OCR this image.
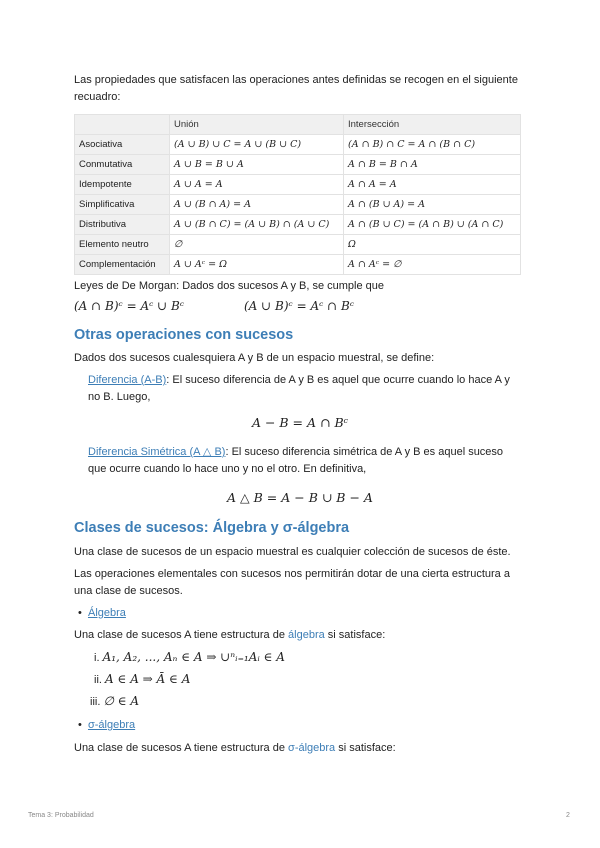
Las propiedades que satisfacen las operaciones antes definidas se recogen en el siguiente recuadro:

	Unión	Intersección
Asociativa	(A ∪ B) ∪ C = A ∪ (B ∪ C)	(A ∩ B) ∩ C = A ∩ (B ∩ C)
Conmutativa	A ∪ B = B ∪ A	A ∩ B = B ∩ A
Idempotente	A ∪ A = A	A ∩ A = A
Simplificativa	A ∪ (B ∩ A) = A	A ∩ (B ∪ A) = A
Distributiva	A ∪ (B ∩ C) = (A ∪ B) ∩ (A ∪ C)	A ∩ (B ∪ C) = (A ∩ B) ∪ (A ∩ C)
Elemento neutro	∅	Ω
Complementación	A ∪ Aᶜ = Ω	A ∩ Aᶜ = ∅

Leyes de De Morgan: Dados dos sucesos A y B, se cumple que

(A ∩ B)ᶜ = Aᶜ ∪ Bᶜ	(A ∪ B)ᶜ = Aᶜ ∩ Bᶜ

Otras operaciones con sucesos

Dados dos sucesos cualesquiera A y B de un espacio muestral, se define:

Diferencia (A-B): El suceso diferencia de A y B es aquel que ocurre cuando lo hace A y
no B. Luego,

A − B = A ∩ Bᶜ

Diferencia Simétrica (A △ B): El suceso diferencia simétrica de A y B es aquel suceso
que ocurre cuando lo hace uno y no el otro. En definitiva,

A △ B = A − B ∪ B − A

Clases de sucesos: Álgebra y σ-álgebra

Una clase de sucesos de un espacio muestral es cualquier colección de sucesos de éste.

Las operaciones elementales con sucesos nos permitirán dotar de una cierta estructura a
una clase de sucesos.

• Álgebra

Una clase de sucesos A tiene estructura de álgebra si satisface:

i. A₁, A₂, ..., Aₙ ∈ A ⇒ ∪ⁿᵢ₌₁Aᵢ ∈ A

ii. A ∈ A ⇒ Ā ∈ A

iii. ∅ ∈ A

• σ-álgebra

Una clase de sucesos A tiene estructura de σ-álgebra si satisface:

Tema 3: Probabilidad	2
